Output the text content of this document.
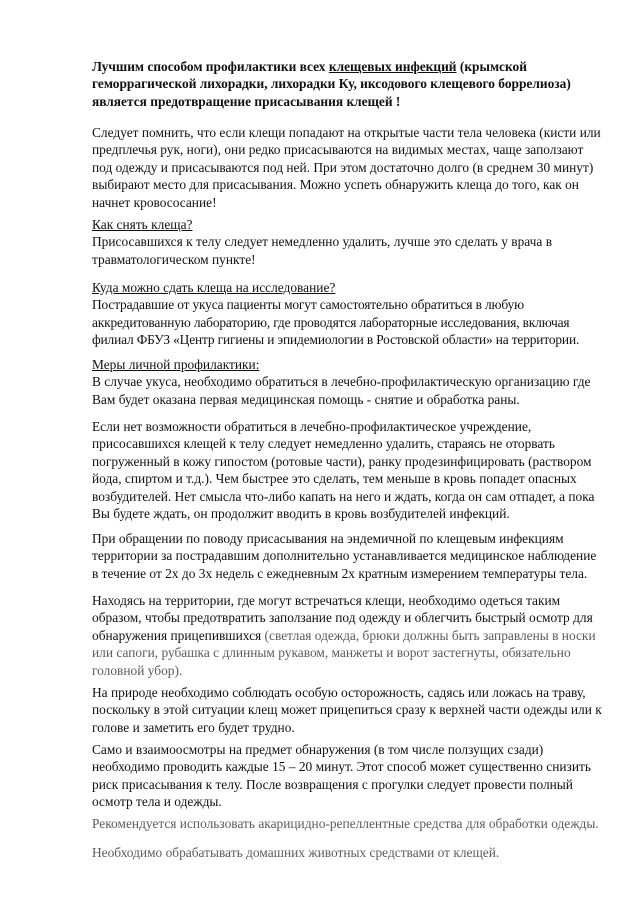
Лучшим способом профилактики всех клещевых инфекций (крымской геморрагической лихорадки, лихорадки Ку, иксодового клещевого боррелиоза) является предотвращение присасывания клещей !

Следует помнить, что если клещи попадают на открытые части тела человека (кисти или предплечья рук, ноги), они редко присасываются на видимых местах, чаще заползают под одежду и присасываются под ней. При этом достаточно долго (в среднем 30 минут) выбирают место для присасывания. Можно успеть обнаружить клеща до того, как он начнет кровососание!

Как снять клеща?
Присосавшихся к телу следует немедленно удалить, лучше это сделать у врача в травматологическом пункте!

Куда можно сдать клеща на исследование?
Пострадавшие от укуса пациенты могут самостоятельно обратиться в любую аккредитованную лабораторию, где проводятся лабораторные исследования, включая филиал ФБУЗ «Центр гигиены и эпидемиологии в Ростовской области» на территории.

Меры личной профилактики:
В случае укуса, необходимо обратиться в лечебно-профилактическую организацию где Вам будет оказана первая медицинская помощь - снятие и обработка раны.

Если нет возможности обратиться в лечебно-профилактическое учреждение, присосавшихся клещей к телу следует немедленно удалить, стараясь не оторвать погруженный в кожу гипостом (ротовые части), ранку продезинфицировать (раствором йода, спиртом и т.д.). Чем быстрее это сделать, тем меньше в кровь попадет опасных возбудителей. Нет смысла что-либо капать на него и ждать, когда он сам отпадет, а пока Вы будете ждать, он продолжит вводить в кровь возбудителей инфекций.

При обращении по поводу присасывания на эндемичной по клещевым инфекциям территории за пострадавшим дополнительно устанавливается медицинское наблюдение в течение от 2х до 3х недель с ежедневным 2х кратным измерением температуры тела.

Находясь на территории, где могут встречаться клещи, необходимо одеться таким образом, чтобы предотвратить заползание под одежду и облегчить быстрый осмотр для обнаружения прицепившихся (светлая одежда, брюки должны быть заправлены в носки или сапоги, рубашка с длинным рукавом, манжеты и ворот застегнуты, обязательно головной убор).

На природе необходимо соблюдать особую осторожность, садясь или ложась на траву, поскольку в этой ситуации клещ может прицепиться сразу к верхней части одежды или к голове и заметить его будет трудно.

Само и взаимоосмотры на предмет обнаружения (в том числе ползущих сзади) необходимо проводить каждые 15 – 20 минут. Этот способ может существенно снизить риск присасывания к телу. После возвращения с прогулки следует провести полный осмотр тела и одежды.

Рекомендуется использовать акарицидно-репеллентные средства для обработки одежды.

Необходимо обрабатывать домашних животных средствами от клещей.
